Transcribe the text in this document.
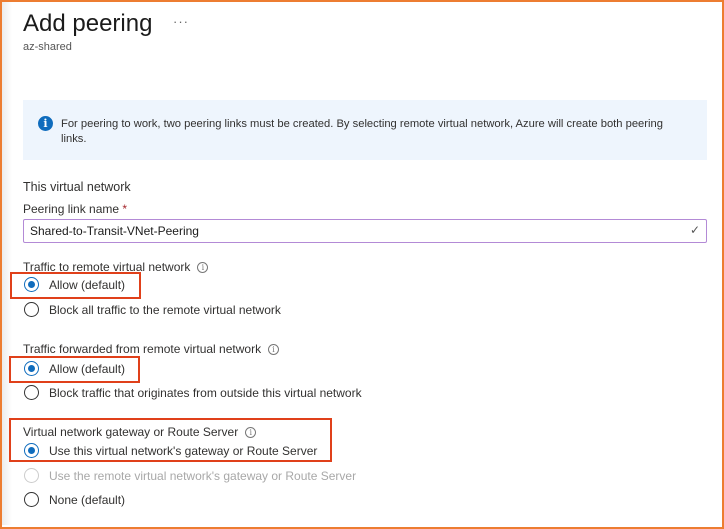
Add peering ···
az-shared
i	For peering to work, two peering links must be created. By selecting remote virtual network, Azure will create both peering links.
This virtual network
Peering link name *
Shared-to-Transit-VNet-Peering	✓
Traffic to remote virtual network i
Allow (default)
Block all traffic to the remote virtual network
Traffic forwarded from remote virtual network i
Allow (default)
Block traffic that originates from outside this virtual network
Virtual network gateway or Route Server i
Use this virtual network's gateway or Route Server
Use the remote virtual network's gateway or Route Server
None (default)
